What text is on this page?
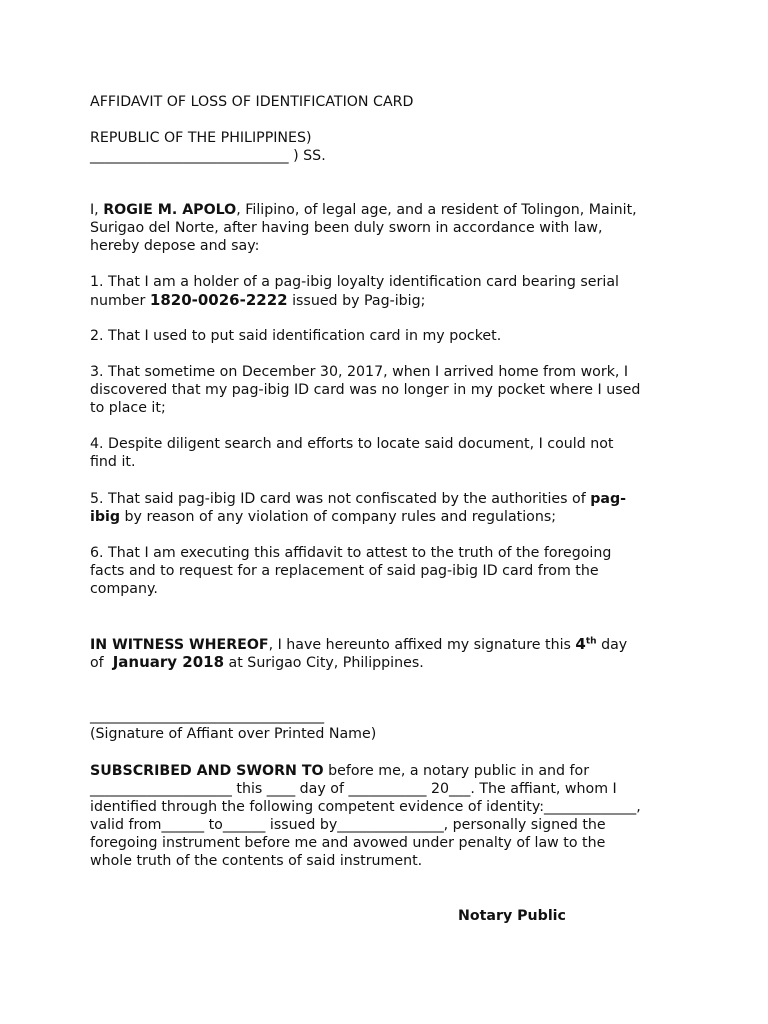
AFFIDAVIT OF LOSS OF IDENTIFICATION CARD
REPUBLIC OF THE PHILIPPINES)
____________________________ ) SS.
I, ROGIE M. APOLO, Filipino, of legal age, and a resident of Tolingon, Mainit,
Surigao del Norte, after having been duly sworn in accordance with law,
hereby depose and say:
1. That I am a holder of a pag-ibig loyalty identification card bearing serial
number 1820-0026-2222 issued by Pag-ibig;
2. That I used to put said identification card in my pocket.
3. That sometime on December 30, 2017, when I arrived home from work, I
discovered that my pag-ibig ID card was no longer in my pocket where I used
to place it;
4. Despite diligent search and efforts to locate said document, I could not
find it.
5. That said pag-ibig ID card was not confiscated by the authorities of pag-
ibig by reason of any violation of company rules and regulations;
6. That I am executing this affidavit to attest to the truth of the foregoing
facts and to request for a replacement of said pag-ibig ID card from the
company.
IN WITNESS WHEREOF, I have hereunto affixed my signature this 4th day
of  January 2018 at Surigao City, Philippines.
_________________________________
(Signature of Affiant over Printed Name)
SUBSCRIBED AND SWORN TO before me, a notary public in and for
____________________ this ____ day of ___________ 20___. The affiant, whom I
identified through the following competent evidence of identity:_____________,
valid from______ to______ issued by_______________, personally signed the
foregoing instrument before me and avowed under penalty of law to the
whole truth of the contents of said instrument.
Notary Public
